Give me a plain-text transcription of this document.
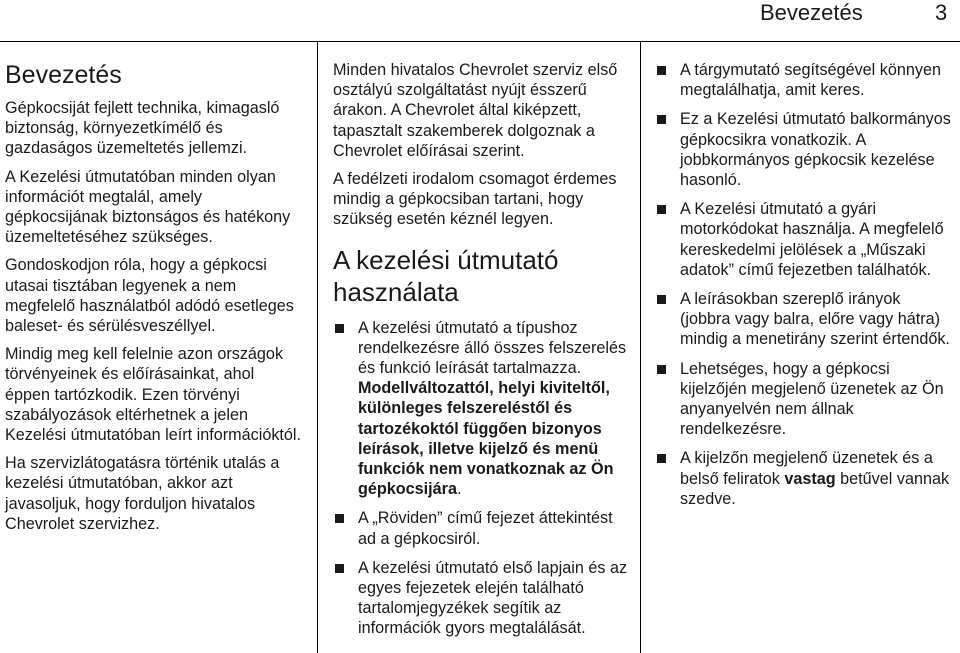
Bevezetés	3
Bevezetés

Gépkocsiját fejlett technika, kimagasló biztonság, környezetkímélő és gazdaságos üzemeltetés jellemzi.

A Kezelési útmutatóban minden olyan információt megtalál, amely gépkocsijának biztonságos és hatékony üzemeltetéséhez szükséges.

Gondoskodjon róla, hogy a gépkocsi utasai tisztában legyenek a nem megfelelő használatból adódó esetleges baleset- és sérülésveszéllyel.

Mindig meg kell felelnie azon országok törvényeinek és előírásainkat, ahol éppen tartózkodik. Ezen törvényi szabályozások eltérhetnek a jelen Kezelési útmutatóban leírt információktól.

Ha szervizlátogatásra történik utalás a kezelési útmutatóban, akkor azt javasoljuk, hogy forduljon hivatalos Chevrolet szervizhez.

Minden hivatalos Chevrolet szerviz első osztályú szolgáltatást nyújt ésszerű árakon. A Chevrolet által kiképzett, tapasztalt szakemberek dolgoznak a Chevrolet előírásai szerint.

A fedélzeti irodalom csomagot érdemes mindig a gépkocsiban tartani, hogy szükség esetén kéznél legyen.

A kezelési útmutató használata
A kezelési útmutató a típushoz rendelkezésre álló összes felszerelés és funkció leírását tartalmazza. Modellváltozattól, helyi kiviteltől, különleges felszereléstől és tartozékoktól függően bizonyos leírások, illetve kijelző és menü funkciók nem vonatkoznak az Ön gépkocsijára.
A „Röviden” című fejezet áttekintést ad a gépkocsiról.
A kezelési útmutató első lapjain és az egyes fejezetek elején található tartalomjegyzékek segítik az információk gyors megtalálását.
A tárgymutató segítségével könnyen megtalálhatja, amit keres.
Ez a Kezelési útmutató balkormányos gépkocsikra vonatkozik. A jobbkormányos gépkocsik kezelése hasonló.
A Kezelési útmutató a gyári motorkódokat használja. A megfelelő kereskedelmi jelölések a „Műszaki adatok” című fejezetben találhatók.
A leírásokban szereplő irányok (jobbra vagy balra, előre vagy hátra) mindig a menetirány szerint értendők.
Lehetséges, hogy a gépkocsi kijelzőjén megjelenő üzenetek az Ön anyanyelvén nem állnak rendelkezésre.
A kijelzőn megjelenő üzenetek és a belső feliratok vastag betűvel vannak szedve.
